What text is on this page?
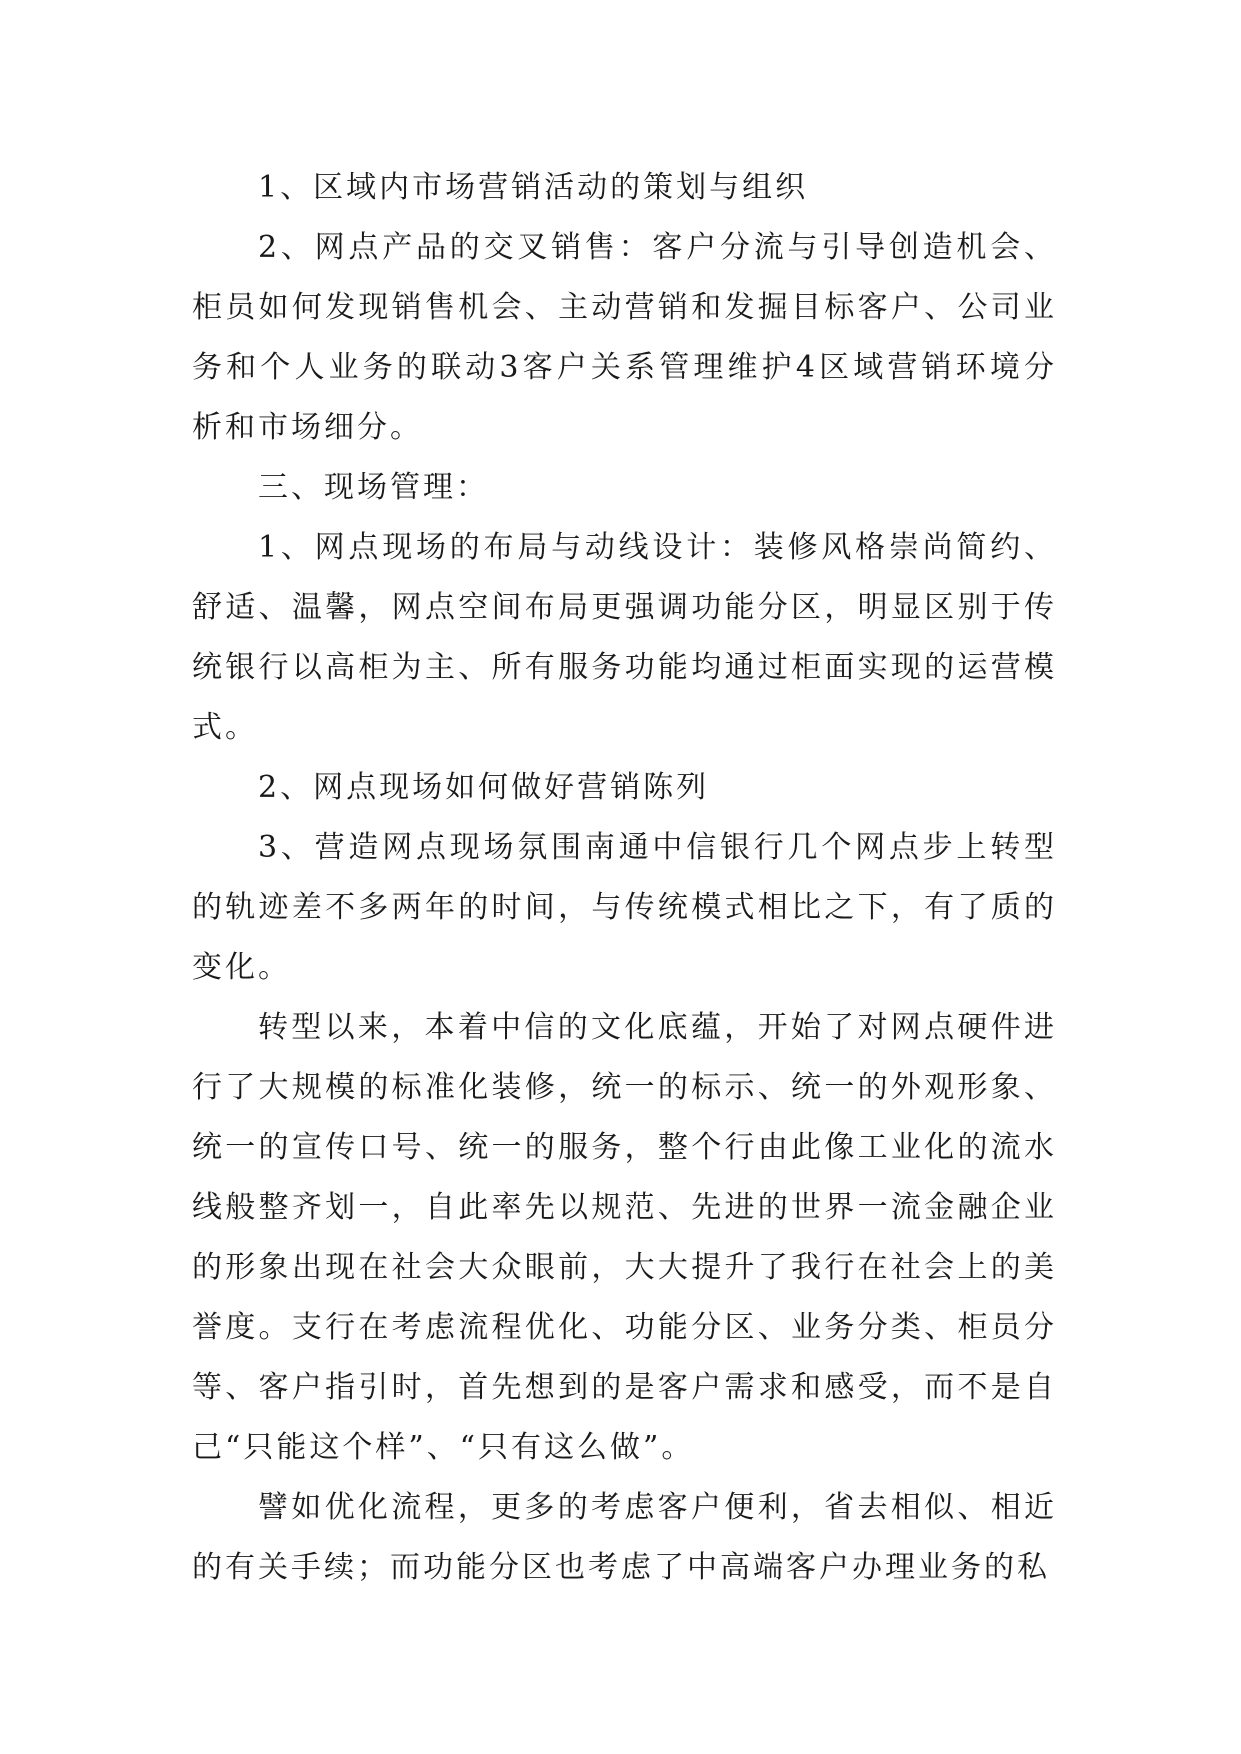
1、区域内市场营销活动的策划与组织

2、网点产品的交叉销售：客户分流与引导创造机会、柜员如何发现销售机会、主动营销和发掘目标客户、公司业务和个人业务的联动3客户关系管理维护4区域营销环境分析和市场细分。

三、现场管理：

1、网点现场的布局与动线设计：装修风格崇尚简约、舒适、温馨，网点空间布局更强调功能分区，明显区别于传统银行以高柜为主、所有服务功能均通过柜面实现的运营模式。

2、网点现场如何做好营销陈列

3、营造网点现场氛围南通中信银行几个网点步上转型的轨迹差不多两年的时间，与传统模式相比之下，有了质的变化。

转型以来，本着中信的文化底蕴，开始了对网点硬件进行了大规模的标准化装修，统一的标示、统一的外观形象、统一的宣传口号、统一的服务，整个行由此像工业化的流水线般整齐划一，自此率先以规范、先进的世界一流金融企业的形象出现在社会大众眼前，大大提升了我行在社会上的美誉度。支行在考虑流程优化、功能分区、业务分类、柜员分等、客户指引时，首先想到的是客户需求和感受，而不是自己“只能这个样”、“只有这么做”。

譬如优化流程，更多的考虑客户便利，省去相似、相近的有关手续；而功能分区也考虑了中高端客户办理业务的私
